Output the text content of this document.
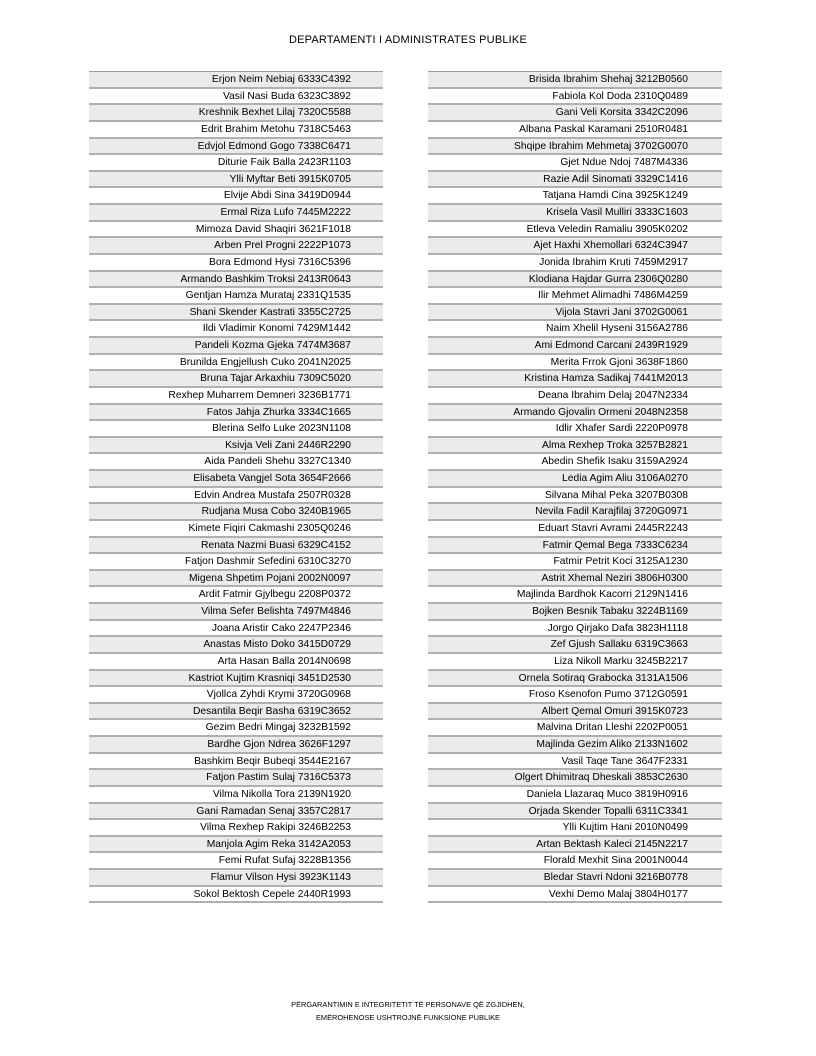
DEPARTAMENTI I ADMINISTRATES PUBLIKE
Erjon Neim Nebiaj 6333C4392
Vasil Nasi Buda 6323C3892
Kreshnik Bexhet Lilaj 7320C5588
Edrit Brahim Metohu 7318C5463
Edvjol Edmond Gogo 7338C6471
Diturie Faik Balla 2423R1103
Ylli Myftar Beti 3915K0705
Elvije Abdi Sina 3419D0944
Ermal Riza Lufo 7445M2222
Mimoza David Shaqiri 3621F1018
Arben Prel Progni 2222P1073
Bora Edmond Hysi 7316C5396
Armando Bashkim Troksi 2413R0643
Gentjan Hamza Murataj 2331Q1535
Shani Skender Kastrati 3355C2725
Ildi Vladimir Konomi 7429M1442
Pandeli Kozma Gjeka 7474M3687
Brunilda Engjellush Cuko 2041N2025
Bruna Tajar Arkaxhiu 7309C5020
Rexhep Muharrem Demneri 3236B1771
Fatos Jahja Zhurka 3334C1665
Blerina Selfo Luke 2023N1108
Ksivja Veli Zani 2446R2290
Aida Pandeli Shehu 3327C1340
Elisabeta Vangjel Sota 3654F2666
Edvin Andrea Mustafa 2507R0328
Rudjana Musa Cobo 3240B1965
Kimete Fiqiri Cakmashi 2305Q0246
Renata Nazmi Buasi 6329C4152
Fatjon Dashmir Sefedini 6310C3270
Migena Shpetim Pojani 2002N0097
Ardit Fatmir Gjylbegu 2208P0372
Vilma Sefer Belishta 7497M4846
Joana Aristir Cako 2247P2346
Anastas Misto Doko 3415D0729
Arta Hasan Balla 2014N0698
Kastriot Kujtim Krasniqi 3451D2530
Vjollca Zyhdi Krymi 3720G0968
Desantila Beqir Basha 6319C3652
Gezim Bedri Mingaj 3232B1592
Bardhe Gjon Ndrea 3626F1297
Bashkim Beqir Bubeqi 3544E2167
Fatjon Pastim Sulaj 7316C5373
Vilma Nikolla Tora 2139N1920
Gani Ramadan Senaj 3357C2817
Vilma Rexhep Rakipi 3246B2253
Manjola Agim Reka 3142A2053
Femi Rufat Sufaj 3228B1356
Flamur Vilson Hysi 3923K1143
Sokol Bektosh Cepele 2440R1993
Brisida Ibrahim Shehaj 3212B0560
Fabiola Kol Doda 2310Q0489
Gani Veli Korsita 3342C2096
Albana Paskal Karamani 2510R0481
Shqipe Ibrahim Mehmetaj 3702G0070
Gjet Ndue Ndoj 7487M4336
Razie Adil Sinomati 3329C1416
Tatjana Hamdi Cina 3925K1249
Krisela Vasil Mulliri 3333C1603
Etleva Veledin Ramaliu 3905K0202
Ajet Haxhi Xhemollari 6324C3947
Jonida Ibrahim Kruti 7459M2917
Klodiana Hajdar Gurra 2306Q0280
Ilir Mehmet Alimadhi 7486M4259
Vijola Stavri Jani 3702G0061
Naim Xhelil Hyseni 3156A2786
Ami Edmond Carcani 2439R1929
Merita Frrok Gjoni 3638F1860
Kristina Hamza Sadikaj 7441M2013
Deana Ibrahim Delaj 2047N2334
Armando Gjovalin Ormeni 2048N2358
Idlir Xhafer Sardi 2220P0978
Alma Rexhep Troka 3257B2821
Abedin Shefik Isaku 3159A2924
Ledia Agim Aliu 3106A0270
Silvana Mihal Peka 3207B0308
Nevila Fadil Karajfilaj 3720G0971
Eduart Stavri Avrami 2445R2243
Fatmir Qemal Bega 7333C6234
Fatmir Petrit Koci 3125A1230
Astrit Xhemal Neziri 3806H0300
Majlinda Bardhok Kacorri 2129N1416
Bojken Besnik Tabaku 3224B1169
Jorgo Qirjako Dafa 3823H1118
Zef Gjush Sallaku 6319C3663
Liza Nikoll Marku 3245B2217
Ornela Sotiraq Grabocka 3131A1506
Froso Ksenofon Pumo 3712G0591
Albert Qemal Omuri 3915K0723
Malvina Dritan Lleshi 2202P0051
Majlinda Gezim Aliko 2133N1602
Vasil Taqe Tane 3647F2331
Olgert Dhimitraq Dheskali 3853C2630
Daniela Llazaraq Muco 3819H0916
Orjada Skender Topalli 6311C3341
Ylli Kujtim Hani 2010N0499
Artan Bektash Kaleci 2145N2217
Florald Mexhit Sina 2001N0044
Bledar Stavri Ndoni 3216B0778
Vexhi Demo Malaj 3804H0177
PËRGARANTIMIN E INTEGRITETIT TË PERSONAVE QË ZGJIDHEN,
EMËROHENOSE USHTROJNË FUNKSIONE PUBLIKE
